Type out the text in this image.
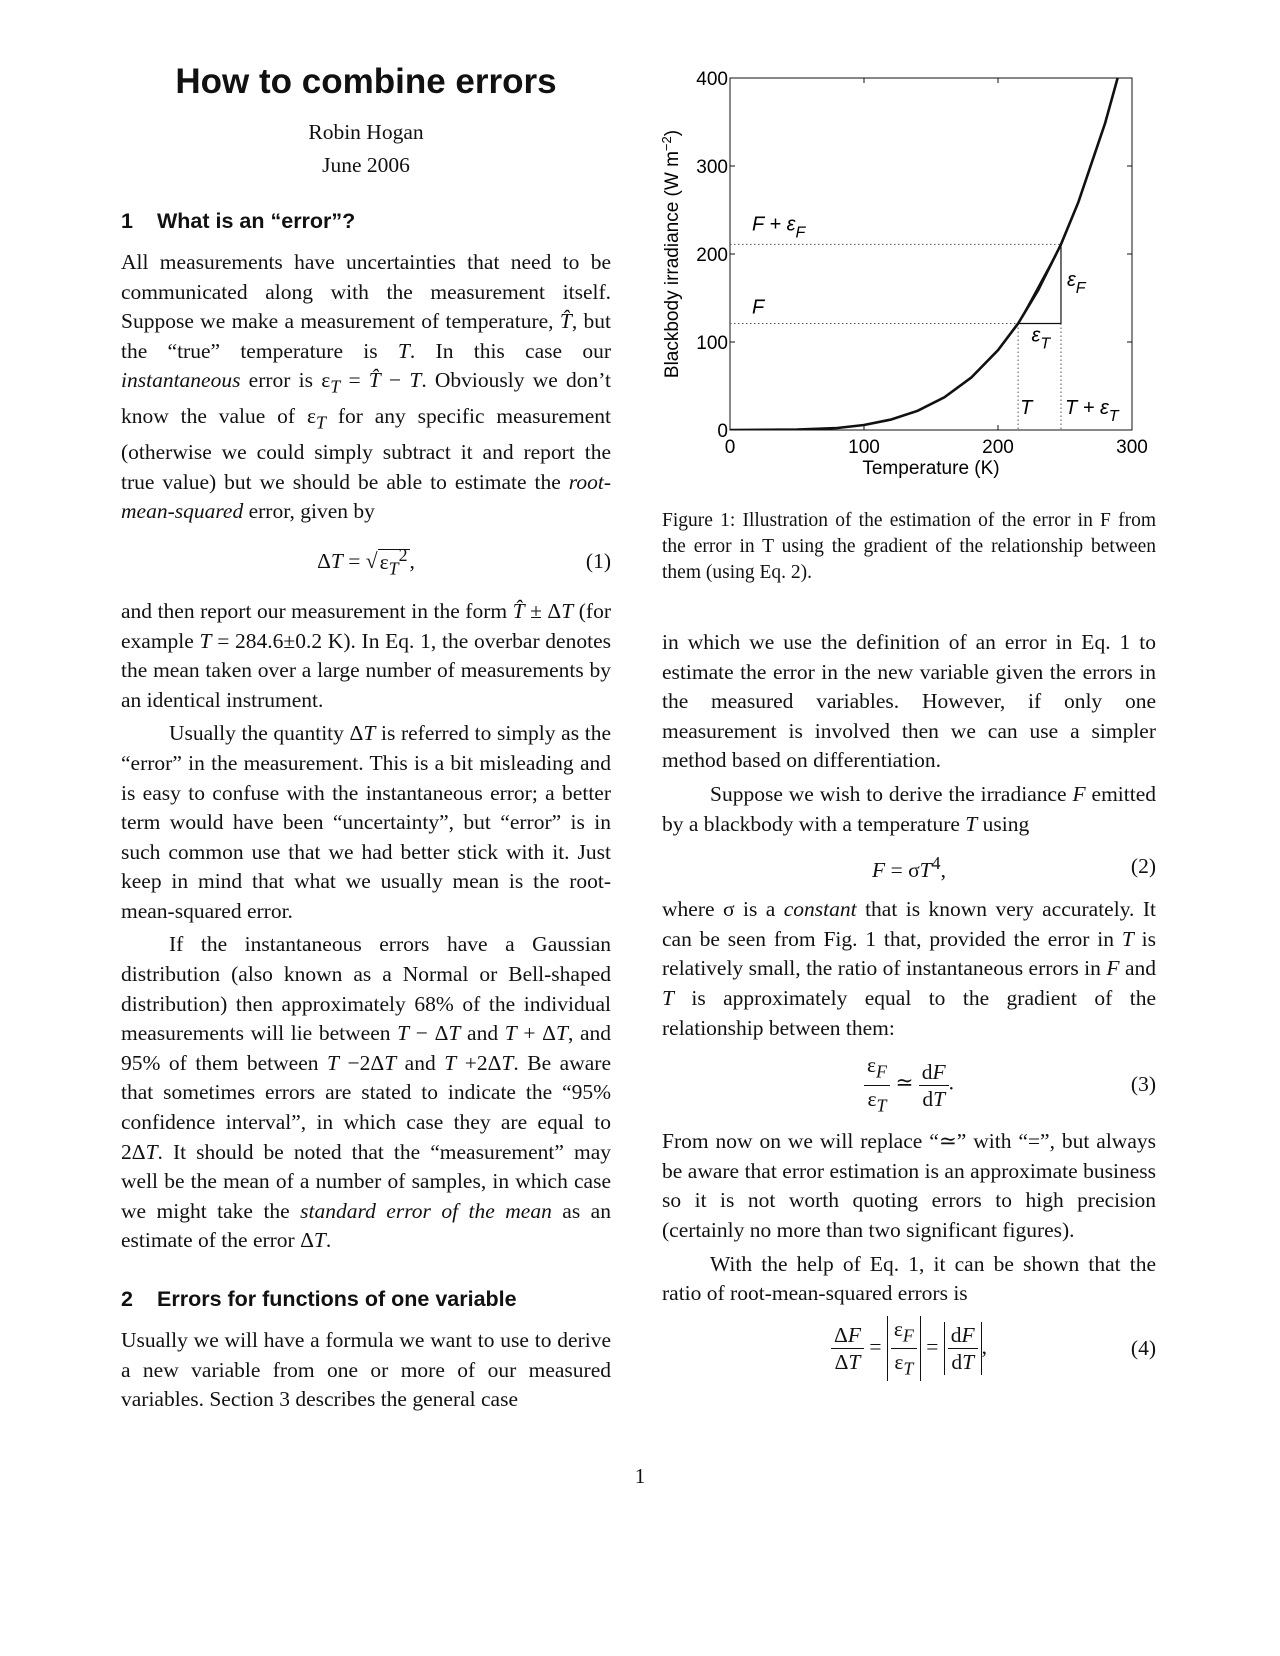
How to combine errors
Robin Hogan
June 2006
1 What is an “error”?

All measurements have uncertainties that need to be communicated along with the measurement itself. Suppose we make a measurement of temperature, T̂, but the “true” temperature is T. In this case our instantaneous error is $\varepsilon_T$ = T̂ − T. Obviously we don’t know the value of $\varepsilon_T$ for any specific measurement (otherwise we could simply subtract it and report the true value) but we should be able to estimate the root-mean-squared error, given by

$\Delta T = √\varepsilon_T^2$,	(1)

and then report our measurement in the form T̂ ± ΔT (for example T = 284.6±0.2 K). In Eq. 1, the overbar denotes the mean taken over a large number of measurements by an identical instrument.

Usually the quantity ΔT is referred to simply as the “error” in the measurement. This is a bit misleading and is easy to confuse with the instantaneous error; a better term would have been “uncertainty”, but “error” is in such common use that we had better stick with it. Just keep in mind that what we usually mean is the root-mean-squared error.

If the instantaneous errors have a Gaussian distribution (also known as a Normal or Bell-shaped distribution) then approximately 68% of the individual measurements will lie between T − ΔT and T + ΔT, and 95% of them between T −2ΔT and T +2ΔT. Be aware that sometimes errors are stated to indicate the “95% confidence interval”, in which case they are equal to 2ΔT. It should be noted that the “measurement” may well be the mean of a number of samples, in which case we might take the standard error of the mean as an estimate of the error ΔT.

2 Errors for functions of one variable

Usually we will have a formula we want to use to derive a new variable from one or more of our measured variables. Section 3 describes the general case

0
100
200
300
400
0	100	200	300
Temperature (K)
Blackbody irradiance (W $m^{-2}$)
$F + \varepsilon_F$
F
$\varepsilon_F$
$\varepsilon_T$
T $T + \varepsilon_T$
Figure 1: Illustration of the estimation of the error in F from the error in T using the gradient of the relationship between them (using Eq. 2).

in which we use the definition of an error in Eq. 1 to estimate the error in the new variable given the errors in the measured variables. However, if only one measurement is involved then we can use a simpler method based on differentiation.

Suppose we wish to derive the irradiance F emitted by a blackbody with a temperature T using

$F = \sigma T^4$,	(2)

where σ is a constant that is known very accurately. It can be seen from Fig. 1 that, provided the error in T is relatively small, the ratio of instantaneous errors in F and T is approximately equal to the gradient of the relationship between them:

$\frac{\varepsilon_F}{\varepsilon_T}$ ≃ $\frac{dF}{dT}$ .	(3)

From now on we will replace “≃” with “=”, but always be aware that error estimation is an approximate business so it is not worth quoting errors to high precision (certainly no more than two significant figures).

With the help of Eq. 1, it can be shown that the ratio of root-mean-squared errors is

$\frac{\Delta F}{\Delta T} = \frac{\varepsilon_F}{\varepsilon_T} = \frac{dF}{dT}$ ,	(4)
1
